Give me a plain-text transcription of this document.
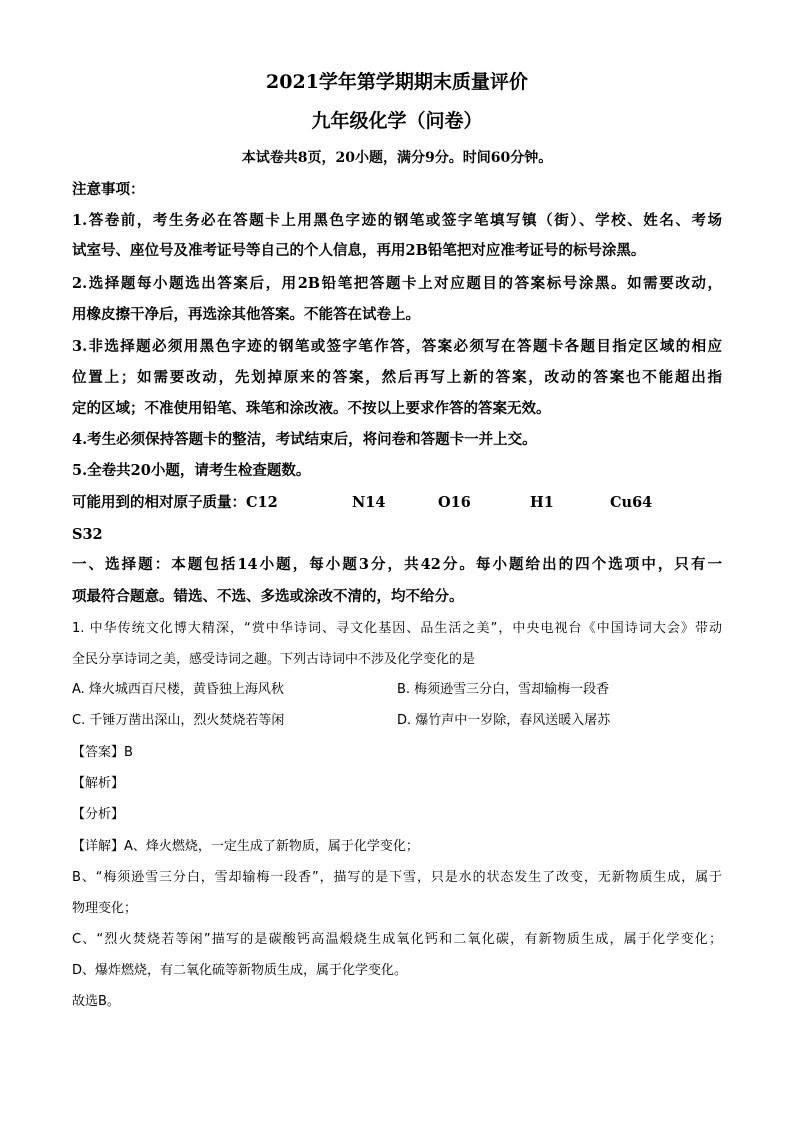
2021学年第学期期末质量评价
九年级化学（问卷）
本试卷共8页，20小题，满分9分。时间60分钟。
注意事项：
1.答卷前，考生务必在答题卡上用黑色字迹的钢笔或签字笔填写镇（街）、学校、姓名、考场
试室号、座位号及准考证号等自己的个人信息，再用2B铅笔把对应准考证号的标号涂黑。
2.选择题每小题选出答案后，用2B铅笔把答题卡上对应题目的答案标号涂黑。如需要改动，
用橡皮擦干净后，再选涂其他答案。不能答在试卷上。
3.非选择题必须用黑色字迹的钢笔或签字笔作答，答案必须写在答题卡各题目指定区域的相应
位置上；如需要改动，先划掉原来的答案，然后再写上新的答案，改动的答案也不能超出指
定的区域；不准使用铅笔、珠笔和涂改液。不按以上要求作答的答案无效。
4.考生必须保持答题卡的整洁，考试结束后，将问卷和答题卡一并上交。
5.全卷共20小题，请考生检查题数。
可能用到的相对原子质量：C12	N14	O16	H1	Cu64
S32
一、选择题：本题包括14小题，每小题3分，共42分。每小题给出的四个选项中，只有一
项最符合题意。错选、不选、多选或涂改不清的，均不给分。
1. 中华传统文化博大精深，“赏中华诗词、寻文化基因、品生活之美”，中央电视台《中国诗词大会》带动
全民分享诗词之美，感受诗词之趣。下列古诗词中不涉及化学变化的是
A. 烽火城西百尺楼，黄昏独上海风秋	B. 梅须逊雪三分白，雪却输梅一段香
C. 千锤万凿出深山，烈火焚烧若等闲	D. 爆竹声中一岁除，春风送暖入屠苏
【答案】B
【解析】
【分析】
【详解】A、烽火燃烧，一定生成了新物质，属于化学变化；
B、“梅须逊雪三分白，雪却输梅一段香”，描写的是下雪，只是水的状态发生了改变，无新物质生成，属于
物理变化；
C、“烈火焚烧若等闲”描写的是碳酸钙高温煅烧生成氧化钙和二氧化碳，有新物质生成，属于化学变化；
D、爆炸燃烧，有二氧化硫等新物质生成，属于化学变化。
故选B。
